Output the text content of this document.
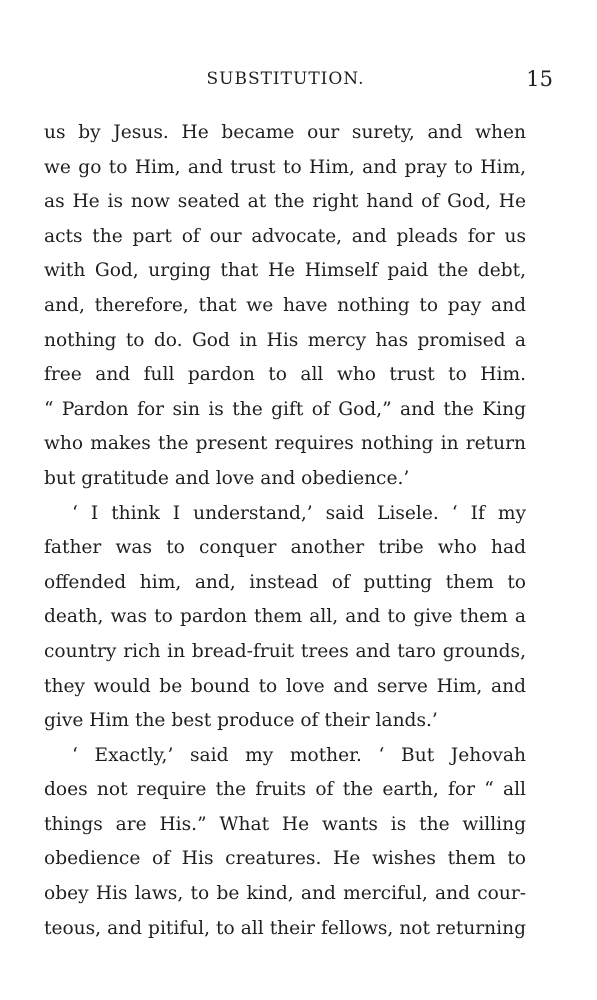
SUBSTITUTION.	15
us by Jesus. He became our surety, and when
we go to Him, and trust to Him, and pray to Him,
as He is now seated at the right hand of God, He
acts the part of our advocate, and pleads for us
with God, urging that He Himself paid the debt,
and, therefore, that we have nothing to pay and
nothing to do. God in His mercy has promised a
free and full pardon to all who trust to Him.
“ Pardon for sin is the gift of God,” and the King
who makes the present requires nothing in return
but gratitude and love and obedience.’
‘ I think I understand,’ said Lisele. ‘ If my
father was to conquer another tribe who had
offended him, and, instead of putting them to
death, was to pardon them all, and to give them a
country rich in bread-fruit trees and taro grounds,
they would be bound to love and serve Him, and
give Him the best produce of their lands.’
‘ Exactly,’ said my mother. ‘ But Jehovah
does not require the fruits of the earth, for “ all
things are His.” What He wants is the willing
obedience of His creatures. He wishes them to
obey His laws, to be kind, and merciful, and cour-
teous, and pitiful, to all their fellows, not returning
